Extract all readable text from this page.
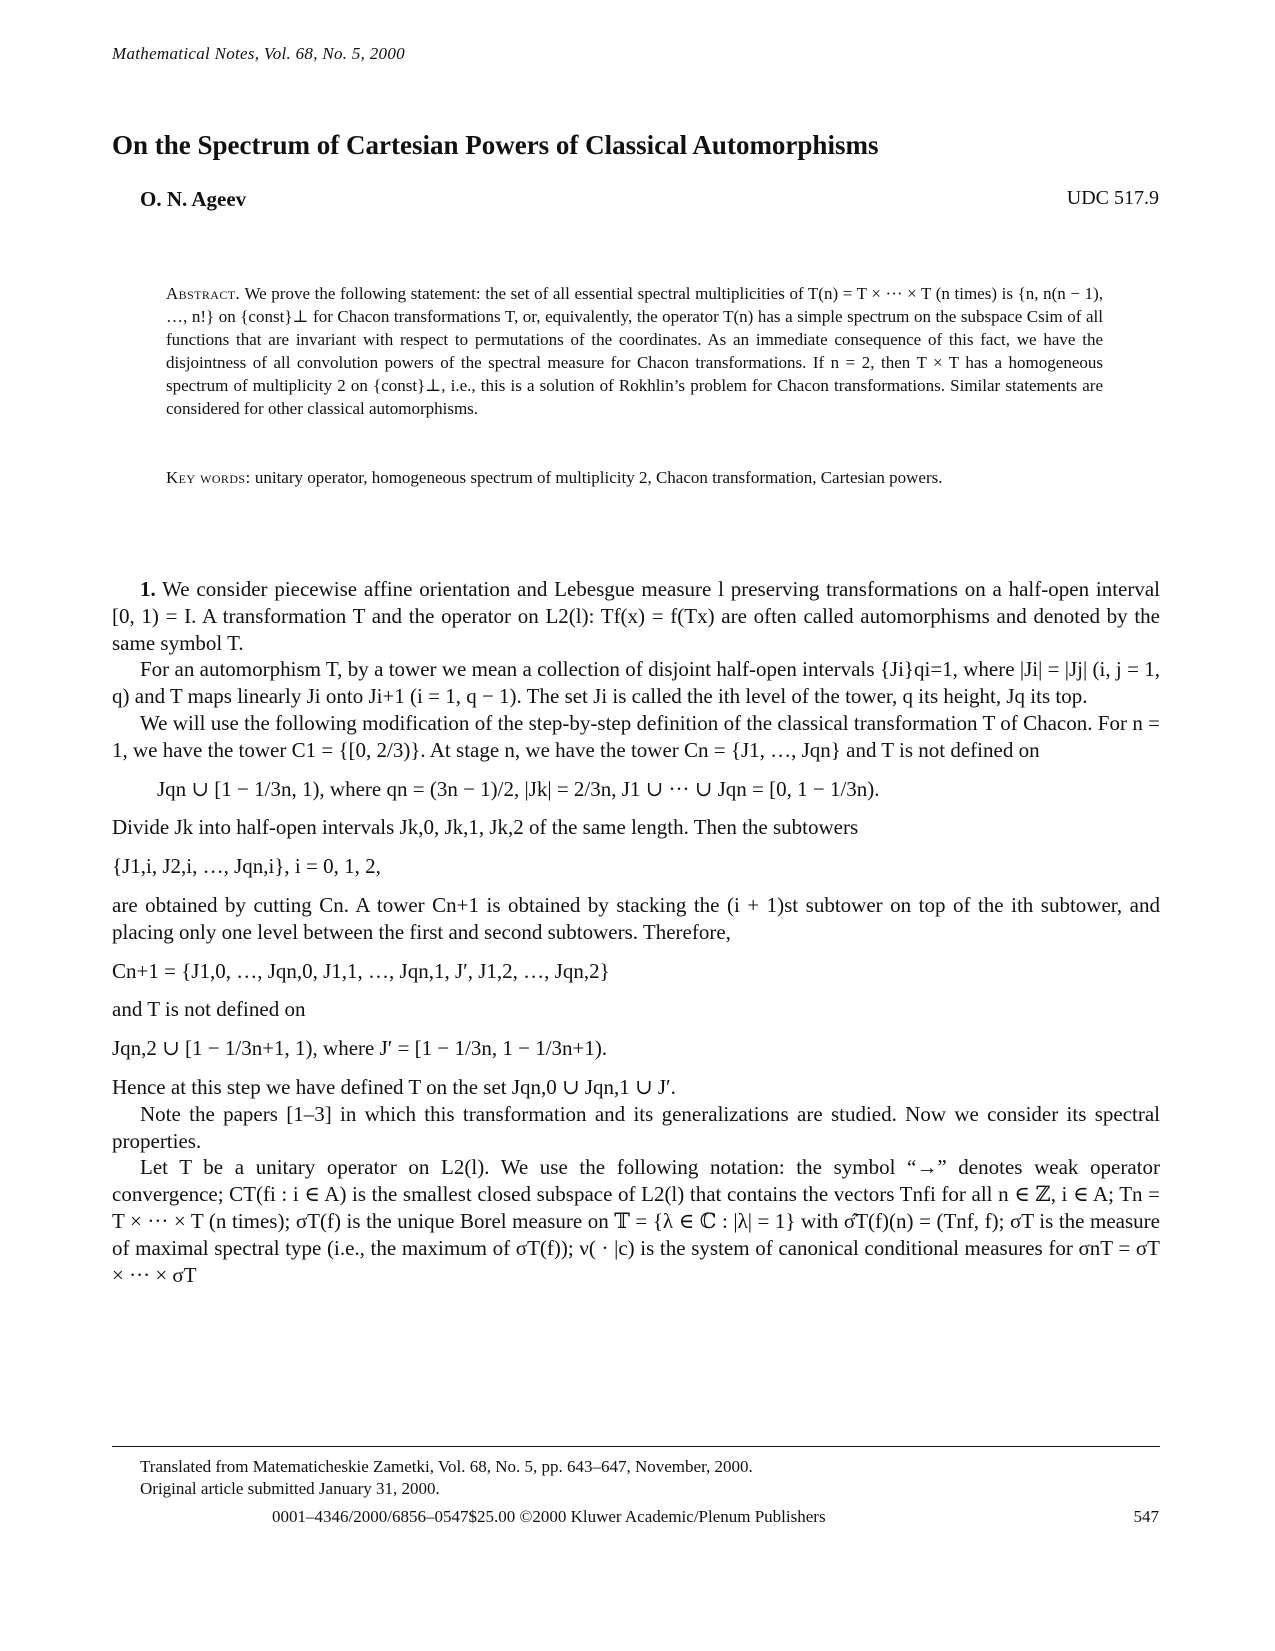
Mathematical Notes, Vol. 68, No. 5, 2000
On the Spectrum of Cartesian Powers of Classical Automorphisms
O. N. Ageev	UDC 517.9
Abstract. We prove the following statement: the set of all essential spectral multiplicities of T(n) = T × ··· × T (n times) is {n, n(n − 1), …, n!} on {const}⊥ for Chacon transformations T, or, equivalently, the operator T(n) has a simple spectrum on the subspace Csim of all functions that are invariant with respect to permutations of the coordinates. As an immediate consequence of this fact, we have the disjointness of all convolution powers of the spectral measure for Chacon transformations. If n = 2, then T × T has a homogeneous spectrum of multiplicity 2 on {const}⊥, i.e., this is a solution of Rokhlin’s problem for Chacon transformations. Similar statements are considered for other classical automorphisms.
Key words: unitary operator, homogeneous spectrum of multiplicity 2, Chacon transformation, Cartesian powers.

1. We consider piecewise affine orientation and Lebesgue measure l preserving transformations on a half-open interval [0, 1) = I. A transformation T and the operator on L2(l): Tf(x) = f(Tx) are often called automorphisms and denoted by the same symbol T.

For an automorphism T, by a tower we mean a collection of disjoint half-open intervals {Ji}qi=1, where |Ji| = |Jj| (i, j = 1, q) and T maps linearly Ji onto Ji+1 (i = 1, q − 1). The set Ji is called the ith level of the tower, q its height, Jq its top.

We will use the following modification of the step-by-step definition of the classical transformation T of Chacon. For n = 1, we have the tower C1 = {[0, 2/3)}. At stage n, we have the tower Cn = {J1, …, Jqn} and T is not defined on

Jqn ∪ [1 − 1/3n, 1), where qn = (3n − 1)/2, |Jk| = 2/3n, J1 ∪ ··· ∪ Jqn = [0, 1 − 1/3n).

Divide Jk into half-open intervals Jk,0, Jk,1, Jk,2 of the same length. Then the subtowers

{J1,i, J2,i, …, Jqn,i}, i = 0, 1, 2,

are obtained by cutting Cn. A tower Cn+1 is obtained by stacking the (i + 1)st subtower on top of the ith subtower, and placing only one level between the first and second subtowers. Therefore,

Cn+1 = {J1,0, …, Jqn,0, J1,1, …, Jqn,1, J′, J1,2, …, Jqn,2}

and T is not defined on

Jqn,2 ∪ [1 − 1/3n+1, 1), where J′ = [1 − 1/3n, 1 − 1/3n+1).

Hence at this step we have defined T on the set Jqn,0 ∪ Jqn,1 ∪ J′.

Note the papers [1–3] in which this transformation and its generalizations are studied. Now we consider its spectral properties.

Let T be a unitary operator on L2(l). We use the following notation: the symbol “→” denotes weak operator convergence; CT(fi : i ∈ A) is the smallest closed subspace of L2(l) that contains the vectors Tnfi for all n ∈ ℤ, i ∈ A; Tn = T × ··· × T (n times); σT(f) is the unique Borel measure on 𝕋 = {λ ∈ ℂ : |λ| = 1} with σ̂T(f)(n) = (Tnf, f); σT is the measure of maximal spectral type (i.e., the maximum of σT(f)); ν( · |c) is the system of canonical conditional measures for σnT = σT × ··· × σT

Translated from Matematicheskie Zametki, Vol. 68, No. 5, pp. 643–647, November, 2000.
Original article submitted January 31, 2000.
0001–4346/2000/6856–0547$25.00 ©2000 Kluwer Academic/Plenum Publishers	547
